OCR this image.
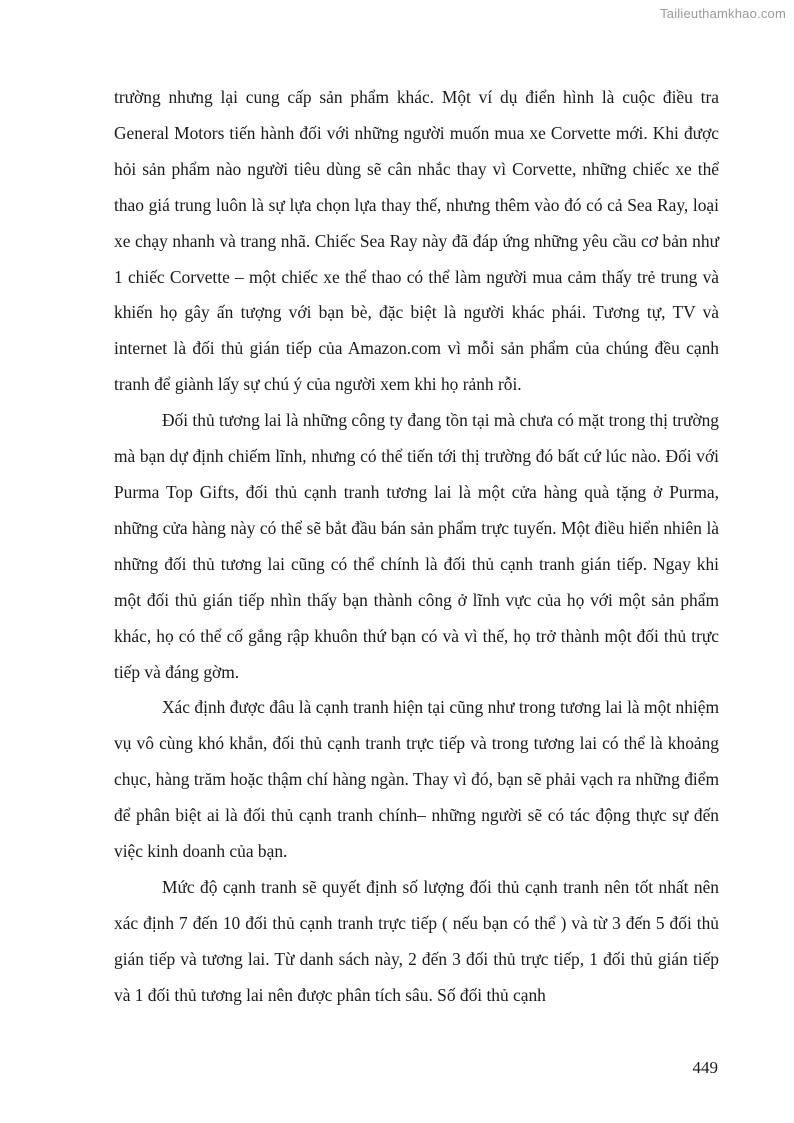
Tailieuthamkhao.com

trường nhưng lại cung cấp sản phẩm khác. Một ví dụ điển hình là cuộc điều tra General Motors tiến hành đối với những người muốn mua xe Corvette mới. Khi được hỏi sản phẩm nào người tiêu dùng sẽ cân nhắc thay vì Corvette, những chiếc xe thể thao giá trung luôn là sự lựa chọn lựa thay thế, nhưng thêm vào đó có cả Sea Ray, loại xe chạy nhanh và trang nhã. Chiếc Sea Ray này đã đáp ứng những yêu cầu cơ bản như 1 chiếc Corvette – một chiếc xe thể thao có thể làm người mua cảm thấy trẻ trung và khiến họ gây ấn tượng với bạn bè, đặc biệt là người khác phái. Tương tự, TV và internet là đối thủ gián tiếp của Amazon.com vì mỗi sản phẩm của chúng đều cạnh tranh để giành lấy sự chú ý của người xem khi họ rảnh rỗi.

Đối thủ tương lai là những công ty đang tồn tại mà chưa có mặt trong thị trường mà bạn dự định chiếm lĩnh, nhưng có thể tiến tới thị trường đó bất cứ lúc nào. Đối với Purma Top Gifts, đối thủ cạnh tranh tương lai là một cửa hàng quà tặng ở Purma, những cửa hàng này có thể sẽ bắt đầu bán sản phẩm trực tuyến. Một điều hiển nhiên là những đối thủ tương lai cũng có thể chính là đối thủ cạnh tranh gián tiếp. Ngay khi một đối thủ gián tiếp nhìn thấy bạn thành công ở lĩnh vực của họ với một sản phẩm khác, họ có thể cố gắng rập khuôn thứ bạn có và vì thế, họ trở thành một đối thủ trực tiếp và đáng gờm.

Xác định được đâu là cạnh tranh hiện tại cũng như trong tương lai là một nhiệm vụ vô cùng khó khắn, đối thủ cạnh tranh trực tiếp và trong tương lai có thể là khoảng chục, hàng trăm hoặc thậm chí hàng ngàn. Thay vì đó, bạn sẽ phải vạch ra những điểm để phân biệt ai là đối thủ cạnh tranh chính– những người sẽ có tác động thực sự đến việc kinh doanh của bạn.

Mức độ cạnh tranh sẽ quyết định số lượng đối thủ cạnh tranh nên tốt nhất nên xác định 7 đến 10 đối thủ cạnh tranh trực tiếp ( nếu bạn có thể ) và từ 3 đến 5 đối thủ gián tiếp và tương lai. Từ danh sách này, 2 đến 3 đối thủ trực tiếp, 1 đối thủ gián tiếp và 1 đối thủ tương lai nên được phân tích sâu. Số đối thủ cạnh

449
